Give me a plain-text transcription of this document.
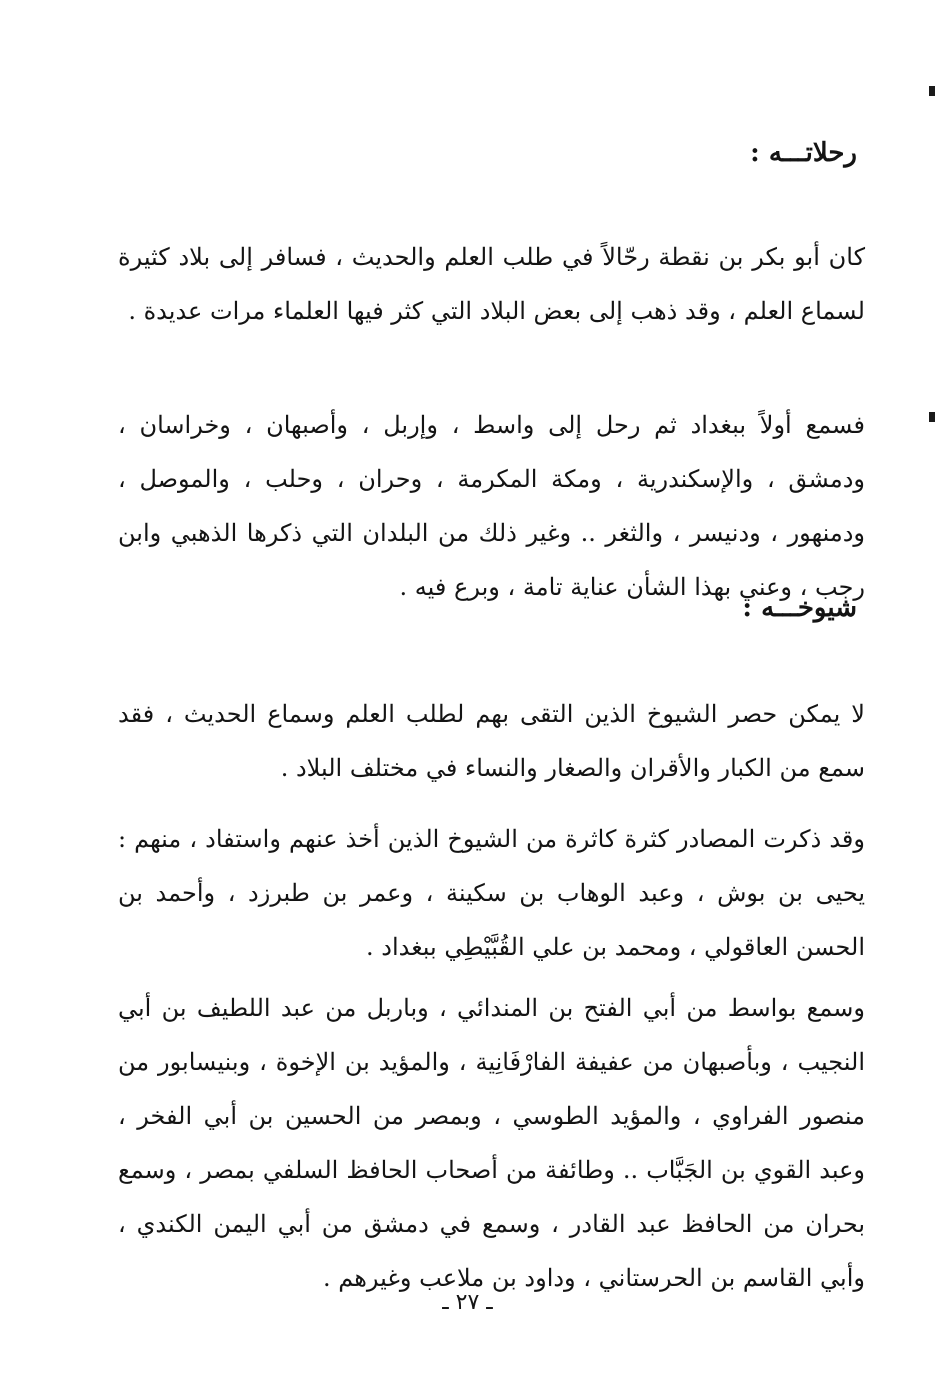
رحلاتـــه :

كان أبو بكر بن نقطة رحّالاً في طلب العلم والحديث ، فسافر إلى بلاد كثيرة لسماع العلم ، وقد ذهب إلى بعض البلاد التي كثر فيها العلماء مرات عديدة .

فسمع أولاً ببغداد ثم رحل إلى واسط ، وإربل ، وأصبهان ، وخراسان ، ودمشق ، والإسكندرية ، ومكة المكرمة ، وحران ، وحلب ، والموصل ، ودمنهور ، ودنيسر ، والثغر .. وغير ذلك من البلدان التي ذكرها الذهبي وابن رجب ، وعني بهذا الشأن عناية تامة ، وبرع فيه .

شيوخـــه :

لا يمكن حصر الشيوخ الذين التقى بهم لطلب العلم وسماع الحديث ، فقد سمع من الكبار والأقران والصغار والنساء في مختلف البلاد .

وقد ذكرت المصادر كثرة كاثرة من الشيوخ الذين أخذ عنهم واستفاد ، منهم : يحيى بن بوش ، وعبد الوهاب بن سكينة ، وعمر بن طبرزد ، وأحمد بن الحسن العاقولي ، ومحمد بن علي القُبَّيْطِي ببغداد .

وسمع بواسط من أبي الفتح بن المندائي ، وباربل من عبد اللطيف بن أبي النجيب ، وبأصبهان من عفيفة الفارْفَانِية ، والمؤيد بن الإخوة ، وبنيسابور من منصور الفراوي ، والمؤيد الطوسي ، وبمصر من الحسين بن أبي الفخر ، وعبد القوي بن الجَبَّاب .. وطائفة من أصحاب الحافظ السلفي بمصر ، وسمع بحران من الحافظ عبد القادر ، وسمع في دمشق من أبي اليمن الكندي ، وأبي القاسم بن الحرستاني ، وداود بن ملاعب وغيرهم .

ـ ٢٧ ـ
